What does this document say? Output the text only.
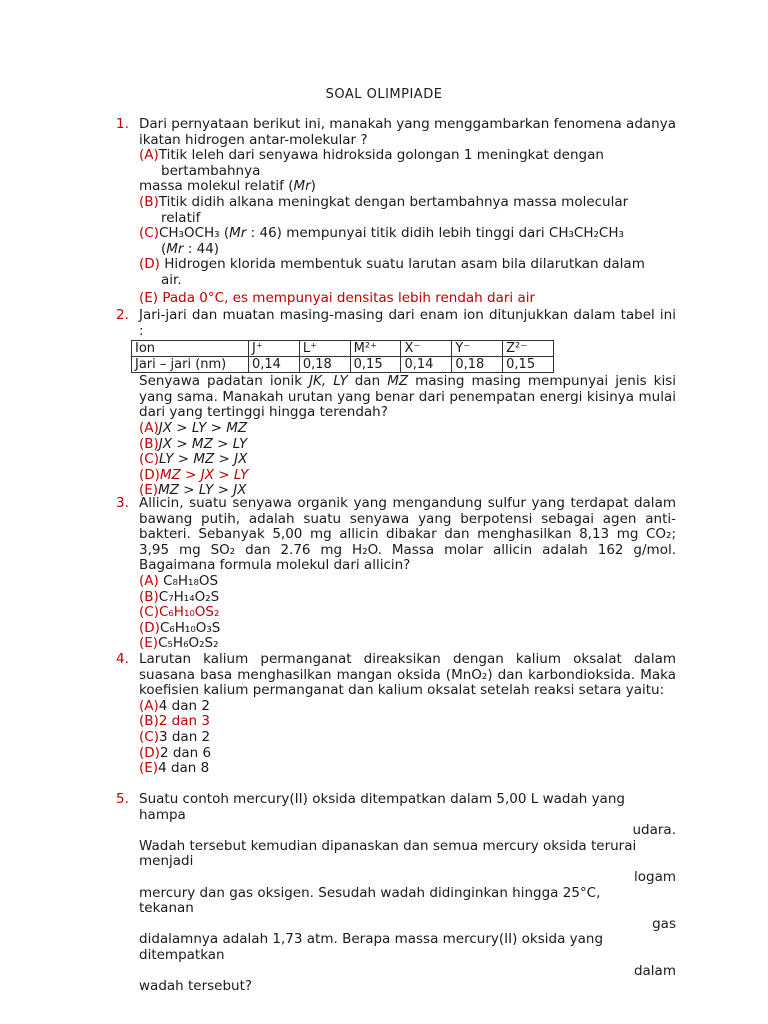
SOAL OLIMPIADE
1. Dari pernyataan berikut ini, manakah yang menggambarkan fenomena adanya ikatan hidrogen antar-molekular ?
(A)Titik leleh dari senyawa hidroksida golongan 1 meningkat dengan
bertambahnya
massa molekul relatif (Mr)
(B)Titik didih alkana meningkat dengan bertambahnya massa molecular
relatif
(C)CH₃OCH₃ (Mr : 46) mempunyai titik didih lebih tinggi dari CH₃CH₂CH₃
(Mr : 44)
(D) Hidrogen klorida membentuk suatu larutan asam bila dilarutkan dalam
air.
(E) Pada 0°C, es mempunyai densitas lebih rendah dari air
2. Jari-jari dan muatan masing-masing dari enam ion ditunjukkan dalam tabel ini :
Ion	J⁺	L⁺	M²⁺	X⁻	Y⁻	Z²⁻
Jari – jari (nm)	0,14	0,18	0,15	0,14	0,18	0,15
Senyawa padatan ionik JK, LY dan MZ masing masing mempunyai jenis kisi yang sama. Manakah urutan yang benar dari penempatan energi kisinya mulai dari yang tertinggi hingga terendah?
(A)JX > LY > MZ
(B)JX > MZ > LY
(C)LY > MZ > JX
(D)MZ > JX > LY
(E)MZ > LY > JX
3. Allicin, suatu senyawa organik yang mengandung sulfur yang terdapat dalam bawang putih, adalah suatu senyawa yang berpotensi sebagai agen anti-bakteri. Sebanyak 5,00 mg allicin dibakar dan menghasilkan 8,13 mg CO₂; 3,95 mg SO₂ dan 2.76 mg H₂O. Massa molar allicin adalah 162 g/mol. Bagaimana formula molekul dari allicin?
(A) C₈H₁₈OS
(B)C₇H₁₄O₂S
(C)C₆H₁₀OS₂
(D)C₆H₁₀O₃S
(E)C₅H₆O₂S₂
4. Larutan kalium permanganat direaksikan dengan kalium oksalat dalam suasana basa menghasilkan mangan oksida (MnO₂) dan karbondioksida. Maka koefisien kalium permanganat dan kalium oksalat setelah reaksi setara yaitu:
(A)4 dan 2
(B)2 dan 3
(C)3 dan 2
(D)2 dan 6
(E)4 dan 8
5. Suatu contoh mercury(II) oksida ditempatkan dalam 5,00 L wadah yang
hampa
udara.
Wadah tersebut kemudian dipanaskan dan semua mercury oksida terurai
menjadi
logam
mercury dan gas oksigen. Sesudah wadah didinginkan hingga 25°C,
tekanan
gas
didalamnya adalah 1,73 atm. Berapa massa mercury(II) oksida yang
ditempatkan
dalam
wadah tersebut?
